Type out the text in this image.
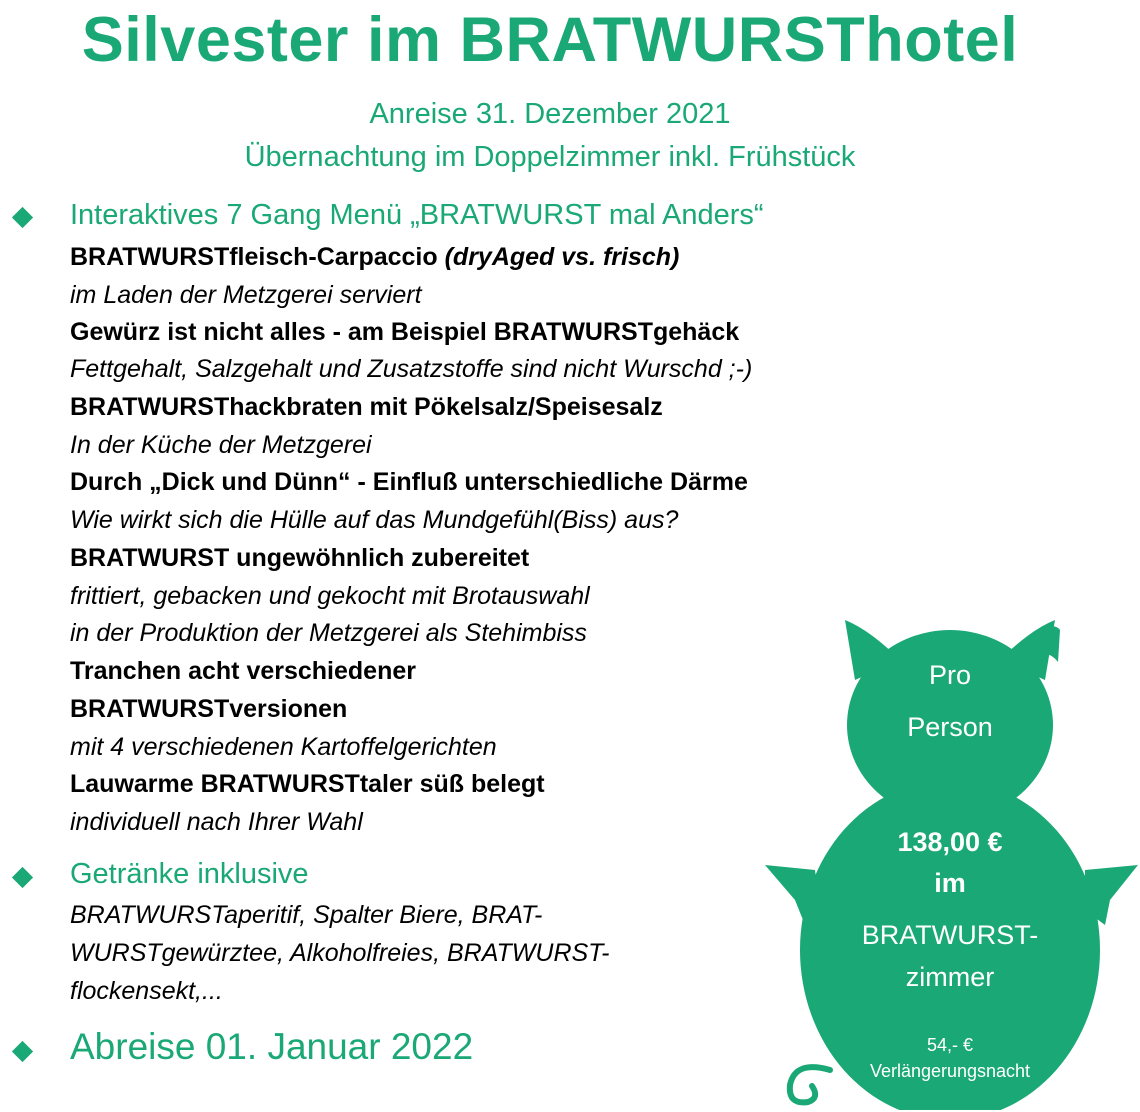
Silvester im BRATWURSThotel
Anreise 31. Dezember 2021
Übernachtung im Doppelzimmer inkl. Frühstück
Interaktives 7 Gang Menü „BRATWURST mal Anders“
BRATWURSTfleisch-Carpaccio (dryAged vs. frisch)
im Laden der Metzgerei serviert
Gewürz ist nicht alles - am Beispiel BRATWURSTgehäck
Fettgehalt, Salzgehalt und Zusatzstoffe sind nicht Wurschd ;-)
BRATWURSThackbraten mit Pökelsalz/Speisesalz
In der Küche der Metzgerei
Durch „Dick und Dünn“ - Einfluß unterschiedliche Därme
Wie wirkt sich die Hülle auf das Mundgefühl(Biss) aus?
BRATWURST ungewöhnlich zubereitet
frittiert, gebacken und gekocht mit Brotauswahl
in der Produktion der Metzgerei als Stehimbiss
Tranchen acht verschiedener
BRATWURSTversionen
mit 4 verschiedenen Kartoffelgerichten
Lauwarme BRATWURSTtaler süß belegt
individuell nach Ihrer Wahl
Getränke inklusive
BRATWURSTaperitif, Spalter Biere, BRAT-
WURSTgewürztee, Alkoholfreies, BRATWURST-
flockensekt,...
Abreise 01. Januar 2022
Pro
Person
138,00 €
im
BRATWURST-
zimmer
54,- €
Verlängerungsnacht
